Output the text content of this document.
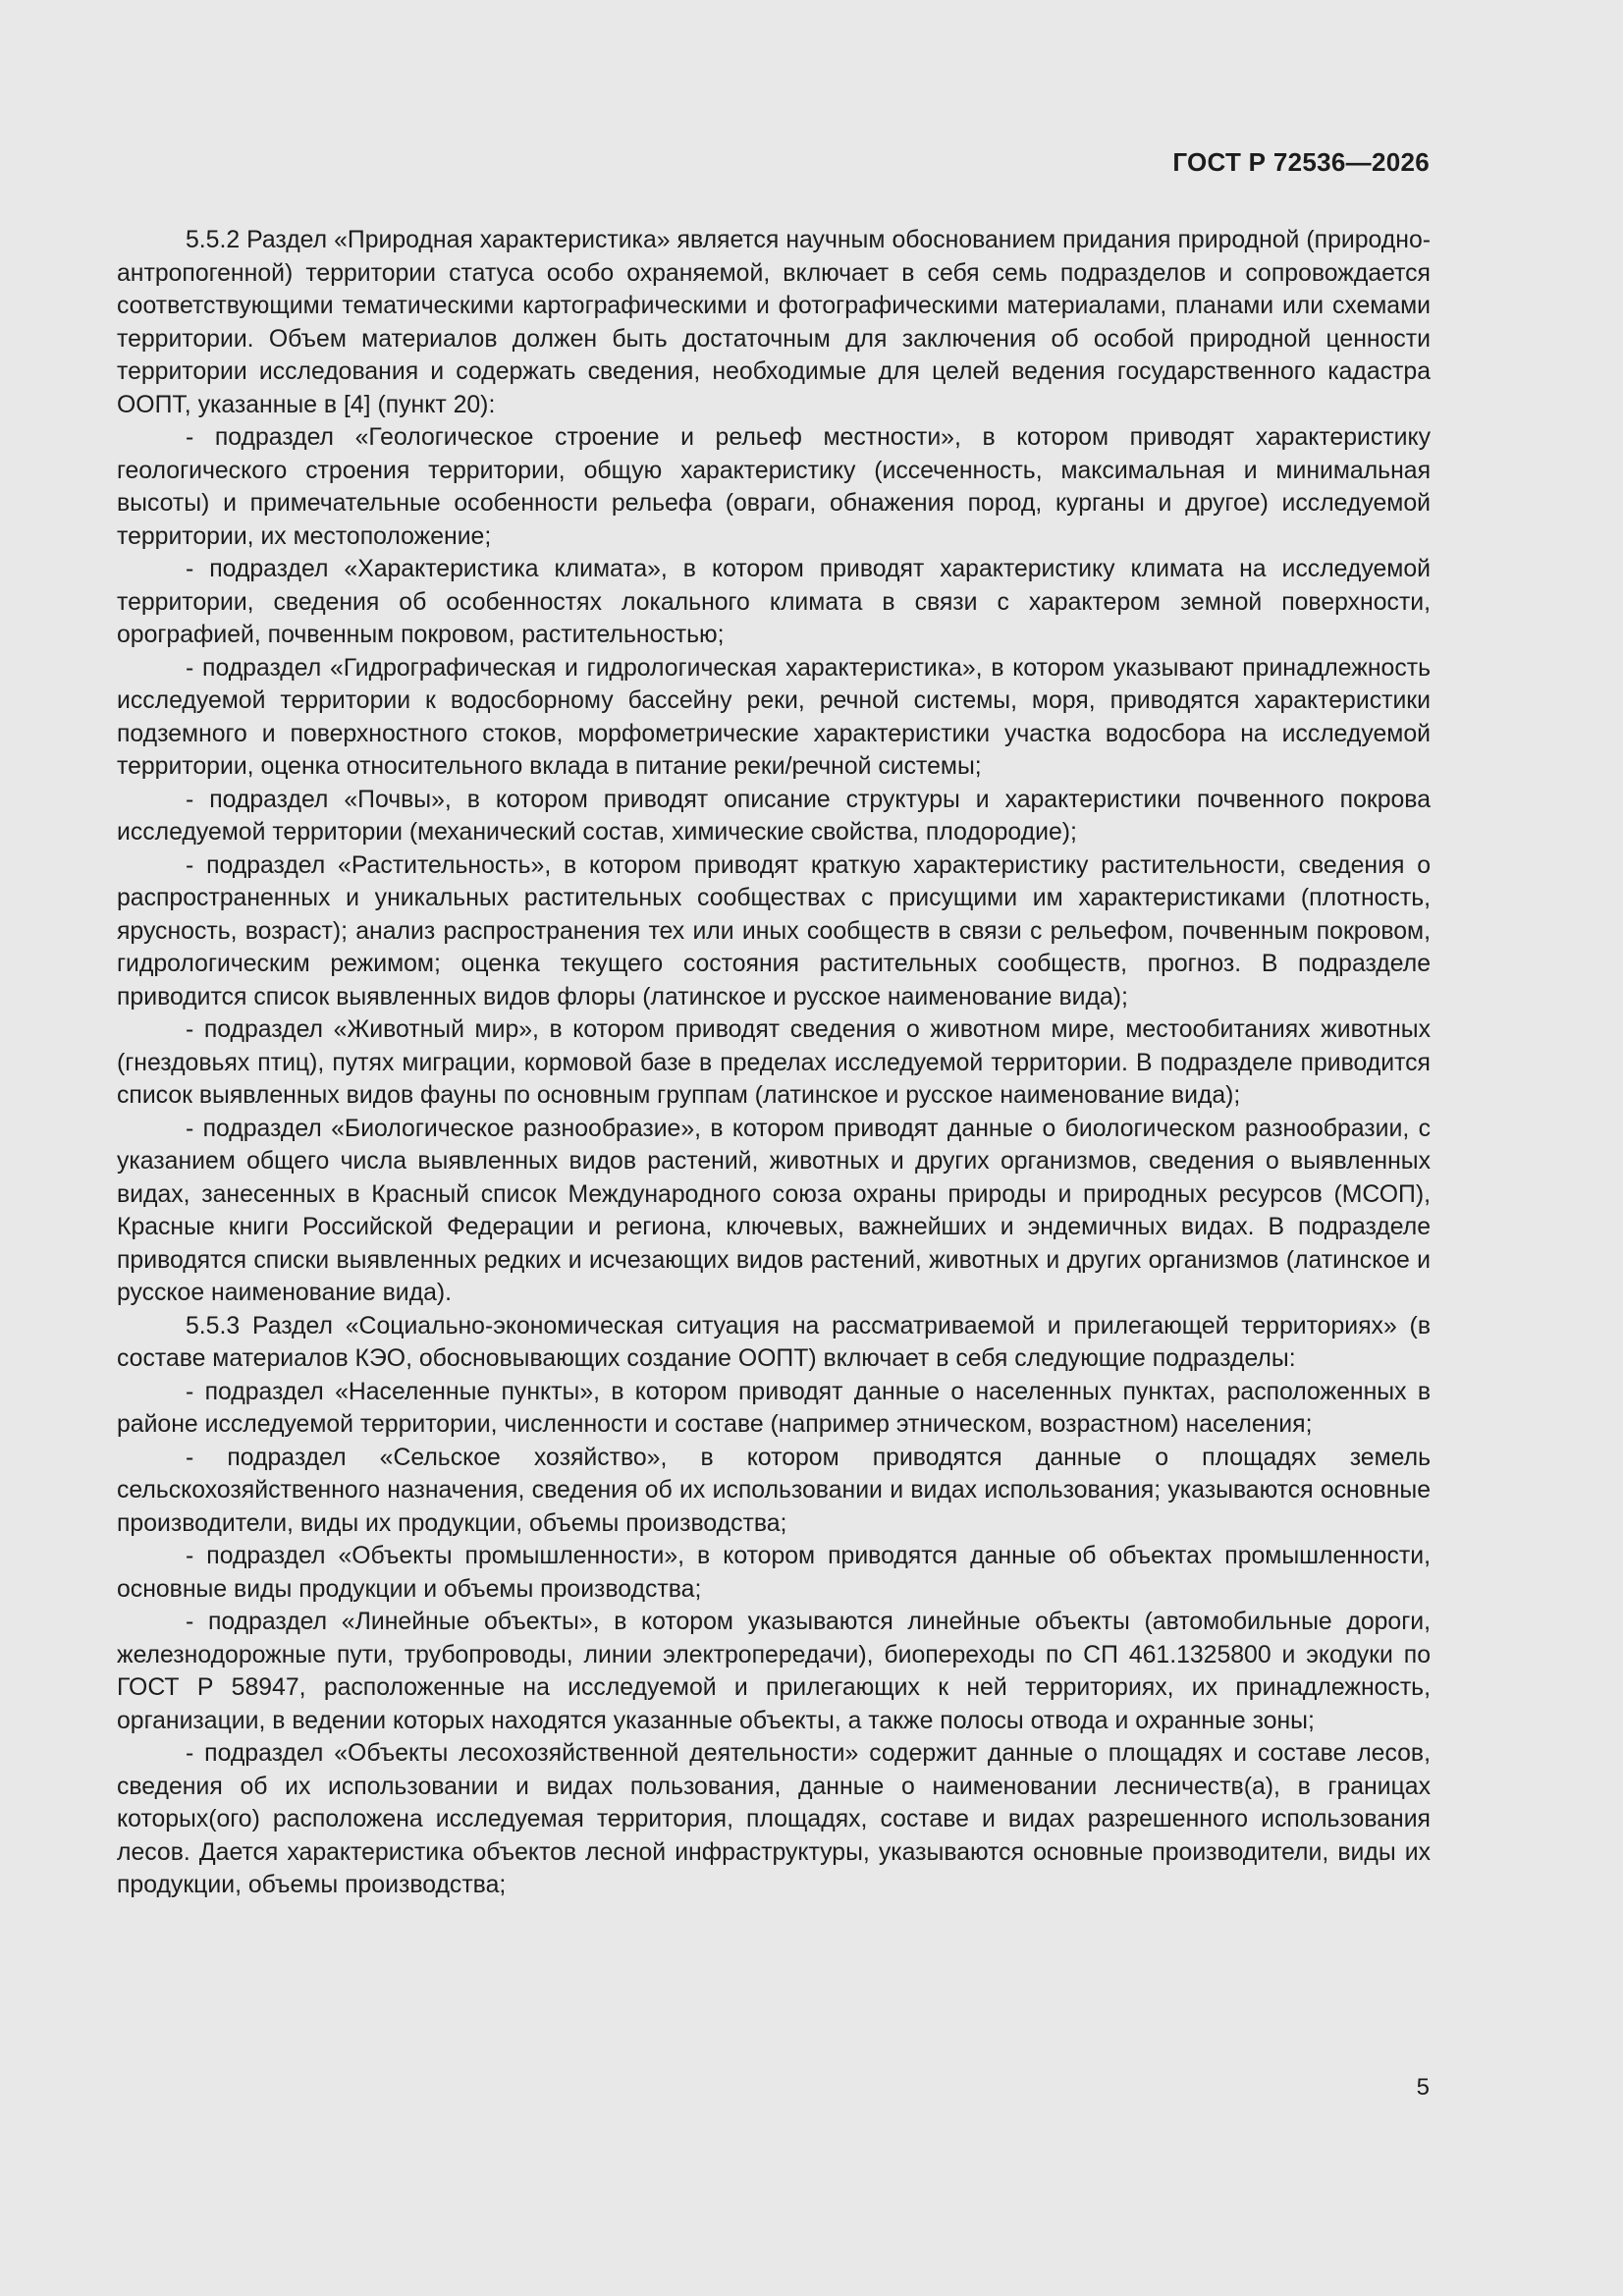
ГОСТ Р 72536—2026

5.5.2 Раздел «Природная характеристика» является научным обоснованием придания природной (природно-антропогенной) территории статуса особо охраняемой, включает в себя семь подразделов и сопровождается соответствующими тематическими картографическими и фотографическими материалами, планами или схемами территории. Объем материалов должен быть достаточным для заключения об особой природной ценности территории исследования и содержать сведения, необходимые для целей ведения государственного кадастра ООПТ, указанные в [4] (пункт 20):

- подраздел «Геологическое строение и рельеф местности», в котором приводят характеристику геологического строения территории, общую характеристику (иссеченность, максимальная и минимальная высоты) и примечательные особенности рельефа (овраги, обнажения пород, курганы и другое) исследуемой территории, их местоположение;

- подраздел «Характеристика климата», в котором приводят характеристику климата на исследуемой территории, сведения об особенностях локального климата в связи с характером земной поверхности, орографией, почвенным покровом, растительностью;

- подраздел «Гидрографическая и гидрологическая характеристика», в котором указывают принадлежность исследуемой территории к водосборному бассейну реки, речной системы, моря, приводятся характеристики подземного и поверхностного стоков, морфометрические характеристики участка водосбора на исследуемой территории, оценка относительного вклада в питание реки/речной системы;

- подраздел «Почвы», в котором приводят описание структуры и характеристики почвенного покрова исследуемой территории (механический состав, химические свойства, плодородие);

- подраздел «Растительность», в котором приводят краткую характеристику растительности, сведения о распространенных и уникальных растительных сообществах с присущими им характеристиками (плотность, ярусность, возраст); анализ распространения тех или иных сообществ в связи с рельефом, почвенным покровом, гидрологическим режимом; оценка текущего состояния растительных сообществ, прогноз. В подразделе приводится список выявленных видов флоры (латинское и русское наименование вида);

- подраздел «Животный мир», в котором приводят сведения о животном мире, местообитаниях животных (гнездовьях птиц), путях миграции, кормовой базе в пределах исследуемой территории. В подразделе приводится список выявленных видов фауны по основным группам (латинское и русское наименование вида);

- подраздел «Биологическое разнообразие», в котором приводят данные о биологическом разнообразии, с указанием общего числа выявленных видов растений, животных и других организмов, сведения о выявленных видах, занесенных в Красный список Международного союза охраны природы и природных ресурсов (МСОП), Красные книги Российской Федерации и региона, ключевых, важнейших и эндемичных видах. В подразделе приводятся списки выявленных редких и исчезающих видов растений, животных и других организмов (латинское и русское наименование вида).

5.5.3 Раздел «Социально-экономическая ситуация на рассматриваемой и прилегающей территориях» (в составе материалов КЭО, обосновывающих создание ООПТ) включает в себя следующие подразделы:

- подраздел «Населенные пункты», в котором приводят данные о населенных пунктах, расположенных в районе исследуемой территории, численности и составе (например этническом, возрастном) населения;

- подраздел «Сельское хозяйство», в котором приводятся данные о площадях земель сельскохозяйственного назначения, сведения об их использовании и видах использования; указываются основные производители, виды их продукции, объемы производства;

- подраздел «Объекты промышленности», в котором приводятся данные об объектах промышленности, основные виды продукции и объемы производства;

- подраздел «Линейные объекты», в котором указываются линейные объекты (автомобильные дороги, железнодорожные пути, трубопроводы, линии электропередачи), биопереходы по СП 461.1325800 и экодуки по ГОСТ Р 58947, расположенные на исследуемой и прилегающих к ней территориях, их принадлежность, организации, в ведении которых находятся указанные объекты, а также полосы отвода и охранные зоны;

- подраздел «Объекты лесохозяйственной деятельности» содержит данные о площадях и составе лесов, сведения об их использовании и видах пользования, данные о наименовании лесничеств(а), в границах которых(ого) расположена исследуемая территория, площадях, составе и видах разрешенного использования лесов. Дается характеристика объектов лесной инфраструктуры, указываются основные производители, виды их продукции, объемы производства;

5
